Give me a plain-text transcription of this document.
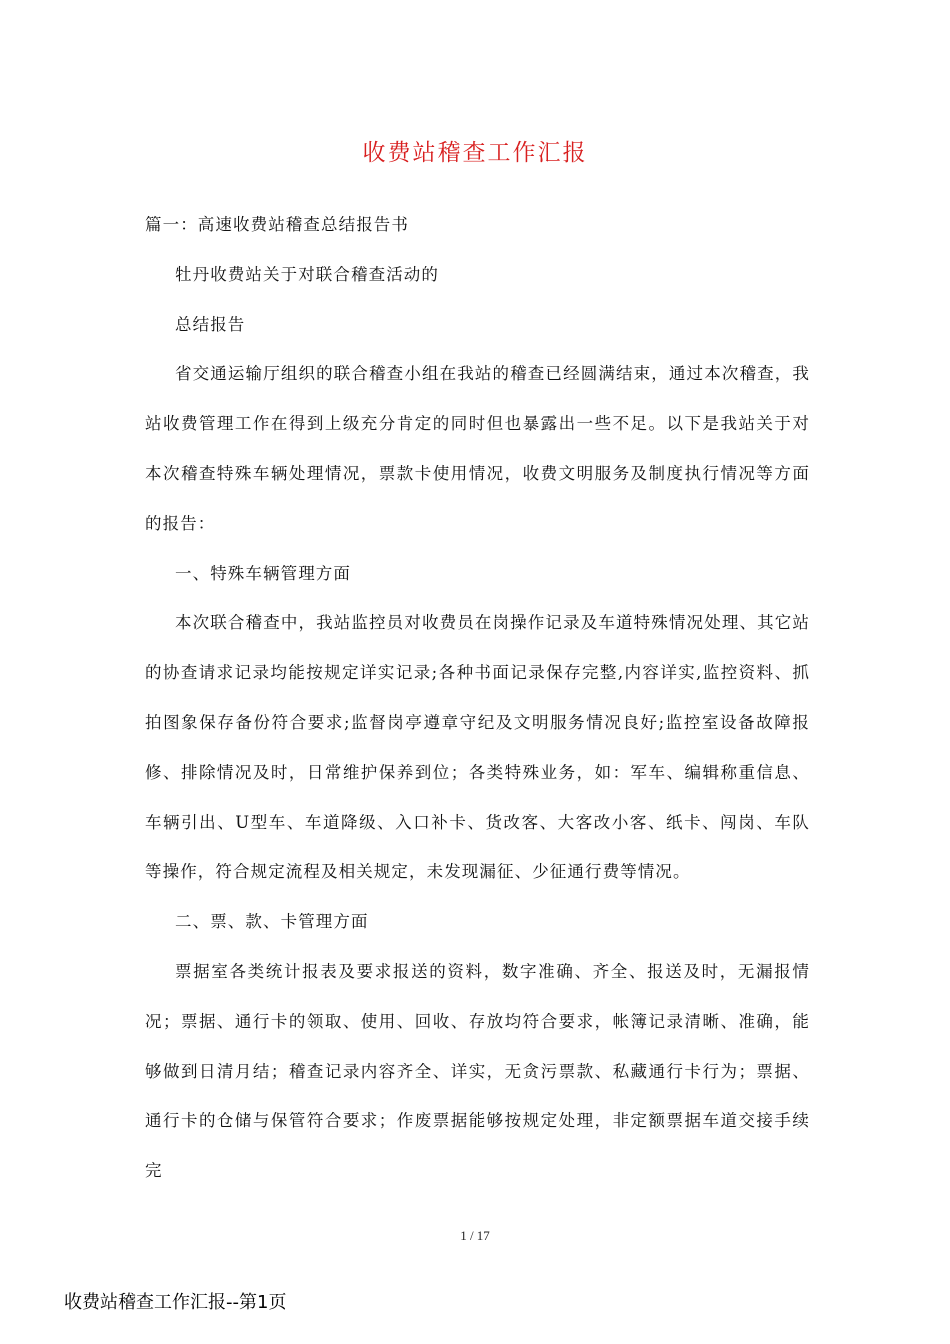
收费站稽查工作汇报

篇一：高速收费站稽查总结报告书

牡丹收费站关于对联合稽查活动的

总结报告

省交通运输厅组织的联合稽查小组在我站的稽查已经圆满结束，通过本次稽查，我站收费管理工作在得到上级充分肯定的同时但也暴露出一些不足。以下是我站关于对本次稽查特殊车辆处理情况，票款卡使用情况，收费文明服务及制度执行情况等方面的报告：

一、特殊车辆管理方面

本次联合稽查中，我站监控员对收费员在岗操作记录及车道特殊情况处理、其它站的协查请求记录均能按规定详实记录;各种书面记录保存完整,内容详实,监控资料、抓拍图象保存备份符合要求;监督岗亭遵章守纪及文明服务情况良好;监控室设备故障报修、排除情况及时，日常维护保养到位；各类特殊业务，如：军车、编辑称重信息、车辆引出、U型车、车道降级、入口补卡、货改客、大客改小客、纸卡、闯岗、车队等操作，符合规定流程及相关规定，未发现漏征、少征通行费等情况。

二、票、款、卡管理方面

票据室各类统计报表及要求报送的资料，数字准确、齐全、报送及时，无漏报情况；票据、通行卡的领取、使用、回收、存放均符合要求，帐簿记录清晰、准确，能够做到日清月结；稽查记录内容齐全、详实，无贪污票款、私藏通行卡行为；票据、通行卡的仓储与保管符合要求；作废票据能够按规定处理，非定额票据车道交接手续完

1 / 17
收费站稽查工作汇报--第1页
